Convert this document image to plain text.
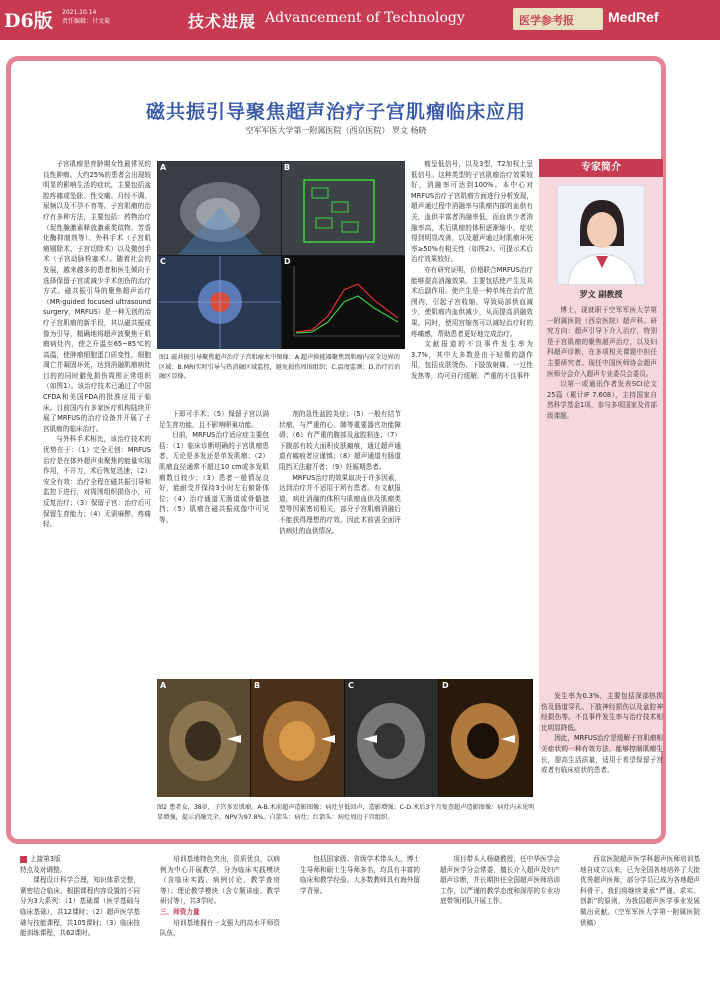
D6版 2021.10.14
责任编辑：甘文菊	技术进展 Advancement of Technology	医学参考报 MedRef
磁共振引导聚焦超声治疗子宫肌瘤临床应用
空军军医大学第一附属医院（西京医院） 罗文 杨晓

子宫肌瘤是育龄期女性最常见的良性肿瘤。大约25%的患者会出现较明显的影响生活的症状，主要包括盆腔疼痛或坠胀、性交痛、月经不调、尿频以及不孕不育等。子宫肌瘤的治疗有多种方法，主要包括：药物治疗（促性腺激素释放激素类似物、芳香化酶抑制剂等）、外科手术（子宫肌瘤剔除术、子宫切除术）以及微创手术（子宫动脉栓塞术）。随着社会的发展，越来越多的患者和医生倾向于选择保留子宫或减少手术创伤的治疗方式。磁共振引导的聚焦超声治疗（MR-guided focused ultrasound surgery，MRFUS）是一种无创的治疗子宫肌瘤的新手段，其以磁共振成像为引导，精确地将超声波聚焦于肌瘤病灶内，使之升温至65~85℃的高温，使肿瘤细胞蛋白质变性，细胞凋亡并凝固坏死，达到消融肌瘤病灶目的的同时避免损伤周围正常组织（如图1）。该治疗技术已通过了中国CFDA和美国FDA的批准应用于临床。目前国内有多家医疗机构陆续开展了MRFUS的治疗设备并开展了子宫肌瘤的临床治疗。

与外科手术相比，该治疗技术的优势在于：（1）完全无创：MRFUS治疗是在体外超声束聚焦的能量实现作用，不开刀，术后恢复迅速；（2）安全有效：治疗全程在磁共振引导和监控下进行，对周围组织损伤小，可反复治疗；（3）保留子宫：治疗后可保留生育能力；（4）无需麻醉，疼痛轻。

A	B
C	D
图1 磁共振引导聚焦超声治疗子宫肌瘤术中图像：A.超声换能器聚焦到肌瘤内安全边界的区域；B.MRI实时引导与热消融区域监控，避免损伤周围组织；C.温度监测；D.治疗后消融区显像。

下即可手术；（5）保留子宫以满足生育功能，且不影响卵巢功能。

目前，MRFUS治疗适应症主要包括：（1）临床诊断明确的子宫肌瘤患者，无论是多发还是单发肌瘤；（2）肌瘤直径通常不超过10 cm或多发肌瘤数目较少；（3）患者一般情况良好，能耐受并保持3小时左右俯卧体位；（4）治疗通道无肠道或骨骼遮挡；（5）肌瘤在磁共振成像中可见等。

剂的急性盆腔炎症；（5）一般有结节状瘤，与严重的心、肺等重要器官功能障碍；（6）有严重的腹部及盆腔粘连；（7）下腹部有较大面积皮肤瘢痕，通过超声通道有瘢痕者应谨慎；（8）超声通道有肠道阻挡无法避开者；（9）妊娠期患者。

MRFUS治疗的效果取决于许多因素，达到治疗并不适用于所有患者。有文献报道，病灶消融的体积与肌瘤血供及肌瘤类型等因素密切相关，部分子宫肌瘤消融后不能获得理想的疗效。因此术前需全面评估病灶的血供情况。

瘤呈低信号，以及3型，T2加权上呈低信号。这种类型的子宫肌瘤治疗效果较好，消融率可达到100%。本中心对MRFUS治疗子宫肌瘤方面进行分析发现，超声通过程中消融率与肌瘤内部的血供有关，血供丰富者消融率低，而血供少者消融率高，术后肌瘤的体积逐渐缩小，症状得到明显改善，以及超声通过时肌瘤坏死率≥50%有相关性（如图2）。可提示术后治疗效果较好。

亦有研究证明，价格联合MRFUS治疗能够提高消融效果。主要包括使产生及其术后副作用。使产生是一种单纯在治疗范围内，引起子宫收缩，导致局部供血减少，使肌瘤内血供减少，从而提高消融效果。同时，使用宫缩剂可以减轻治疗时的疼痛感，帮助患者更好地完成治疗。

文献报道的不良事件发生率为3.7%，其中大多数是由于轻微的副作用，包括皮肤烫伤、下肢放射痛、一过性发热等，均可自行缓解，严重的不良事件

A	B	C	D
图2 患者女，38岁，子宫多发肌瘤。A-B.术前超声造影图像：病灶呈低回声，造影增强；C-D.术后3个月复查超声造影图像：病灶内未见明显增强，提示消融完全，NPV为97.8%。白箭头：病灶；红箭头：病灶周边子宫组织。
专家简介
罗文 副教授

博士，现就职于空军军医大学第一附属医院（西京医院）超声科。研究方向：超声引导下介入治疗，特别是子宫肌瘤的聚焦超声治疗，以及妇科超声诊断，在多项相关课题中担任主要研究者。现任中国医师协会超声医师分会介入超声专业委员会委员。

以第一或通讯作者发表SCI论文25篇（累计IF 7.608），主持国家自然科学基金1项，参与多项国家及省部级课题。

发生率为0.3%，主要包括深部热损伤及肠道穿孔、下肢神经损伤以及盆腔神经损伤等。不良事件发生率与治疗技术相比明显降低。

因此，MRFUS治疗是缓解子宫肌瘤相关症状的一种有效方法，能够控制肌瘤生长，提高生活质量，适用于希望保留子宫或者有临床症状的患者。

上接第3版

特点及对调整。

课程设计科学合理，知识体系完整，紧密结合临床，根据课程内容设置的不同分为3大系列：（1）基础课（医学基础与临床基础），共12课时；（2）超声医学基础与技能课程，共105课时；（3）临床技能训练课程，共62课时。

培训基地特色突出，资质优良，以病例为中心开展教学，分为临床实践模块（含临床实践、病例讨论、教学查房等）；理论教学模块（含专题讲座、教学研讨等），共3学时。

三、师资力量

培训基地拥有一支强大的高水平师资队伍，

包括国家级、省级学术带头人，博士生导师和硕士生导师多名，均具有丰富的临床和教学经验。大多数教师具有海外留学背景。

项目带头人杨晓教授，任中华医学会超声医学分会常委，擅长介入超声及妇产超声诊断，并长期担任全国超声医师培训工作，以严谨的教学态度和深厚的专业功底带领团队开展工作。

西京医院超声医学科超声医师培训基地自成立以来，已为全国各地培养了大批优秀超声医师，部分学员已成为各地超声科骨干。我们将继续秉承“严谨、求实、创新”的原则，为我国超声医学事业发展做出贡献。（空军军医大学第一附属医院 供稿）
